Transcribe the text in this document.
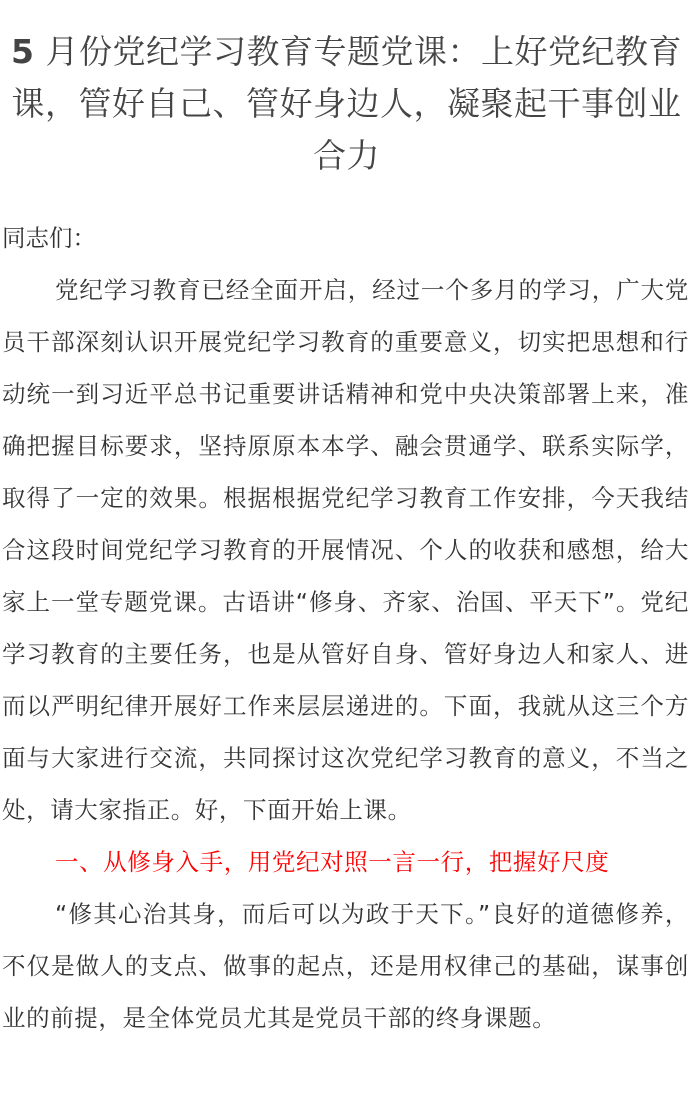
5 月份党纪学习教育专题党课：上好党纪教育课，管好自己、管好身边人，凝聚起干事创业合力
同志们：

党纪学习教育已经全面开启，经过一个多月的学习，广大党员干部深刻认识开展党纪学习教育的重要意义，切实把思想和行动统一到习近平总书记重要讲话精神和党中央决策部署上来，准确把握目标要求，坚持原原本本学、融会贯通学、联系实际学，取得了一定的效果。根据根据党纪学习教育工作安排，今天我结合这段时间党纪学习教育的开展情况、个人的收获和感想，给大家上一堂专题党课。古语讲“修身、齐家、治国、平天下”。党纪学习教育的主要任务，也是从管好自身、管好身边人和家人、进而以严明纪律开展好工作来层层递进的。下面，我就从这三个方面与大家进行交流，共同探讨这次党纪学习教育的意义，不当之处，请大家指正。好，下面开始上课。

一、从修身入手，用党纪对照一言一行，把握好尺度

“修其心治其身，而后可以为政于天下。”良好的道德修养，不仅是做人的支点、做事的起点，还是用权律己的基础，谋事创业的前提，是全体党员尤其是党员干部的终身课题。
